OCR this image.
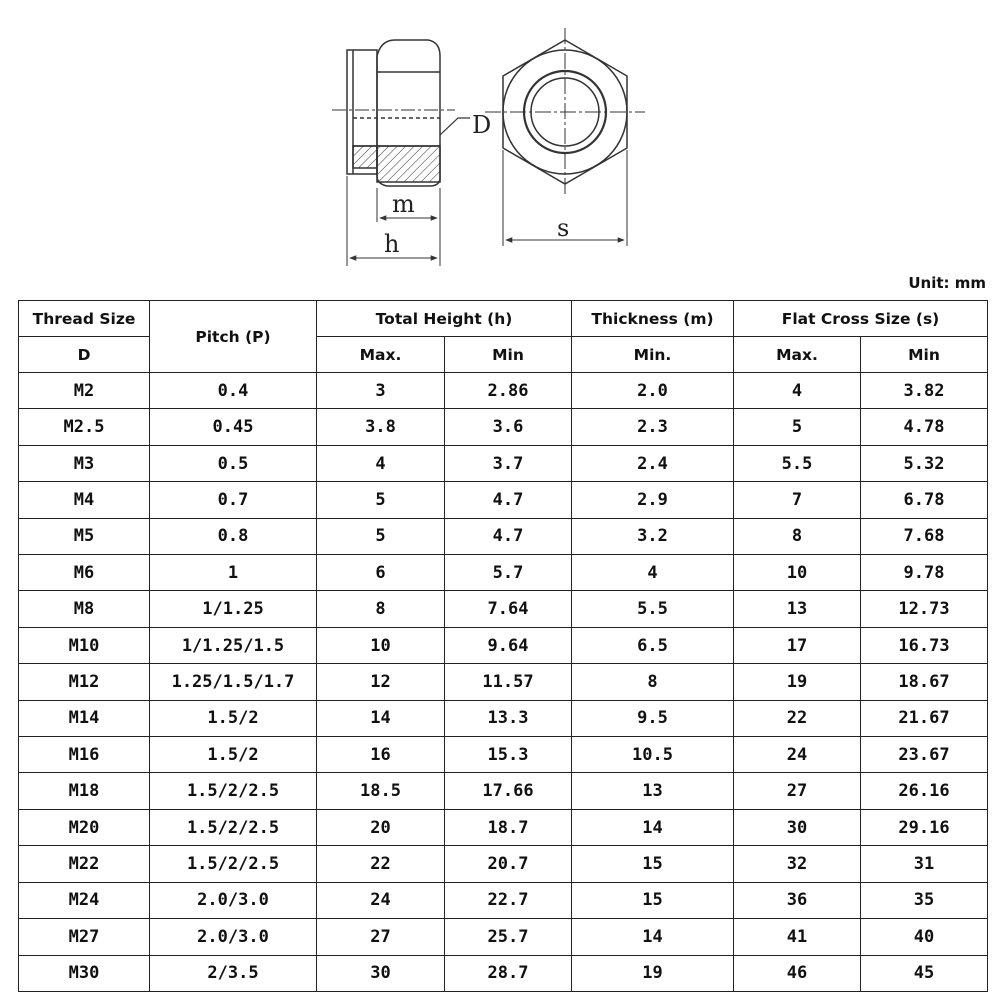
D
m
h
s
Unit: mm
Thread Size	Pitch (P)	Total Height (h)		Thickness (m)	Flat Cross Size (s)	
D		Max.	Min	Min.	Max.	Min
M2	0.4	3	2.86	2.0	4	3.82
M2.5	0.45	3.8	3.6	2.3	5	4.78
M3	0.5	4	3.7	2.4	5.5	5.32
M4	0.7	5	4.7	2.9	7	6.78
M5	0.8	5	4.7	3.2	8	7.68
M6	1	6	5.7	4	10	9.78
M8	1/1.25	8	7.64	5.5	13	12.73
M10	1/1.25/1.5	10	9.64	6.5	17	16.73
M12	1.25/1.5/1.7	12	11.57	8	19	18.67
M14	1.5/2	14	13.3	9.5	22	21.67
M16	1.5/2	16	15.3	10.5	24	23.67
M18	1.5/2/2.5	18.5	17.66	13	27	26.16
M20	1.5/2/2.5	20	18.7	14	30	29.16
M22	1.5/2/2.5	22	20.7	15	32	31
M24	2.0/3.0	24	22.7	15	36	35
M27	2.0/3.0	27	25.7	14	41	40
M30	2/3.5	30	28.7	19	46	45
